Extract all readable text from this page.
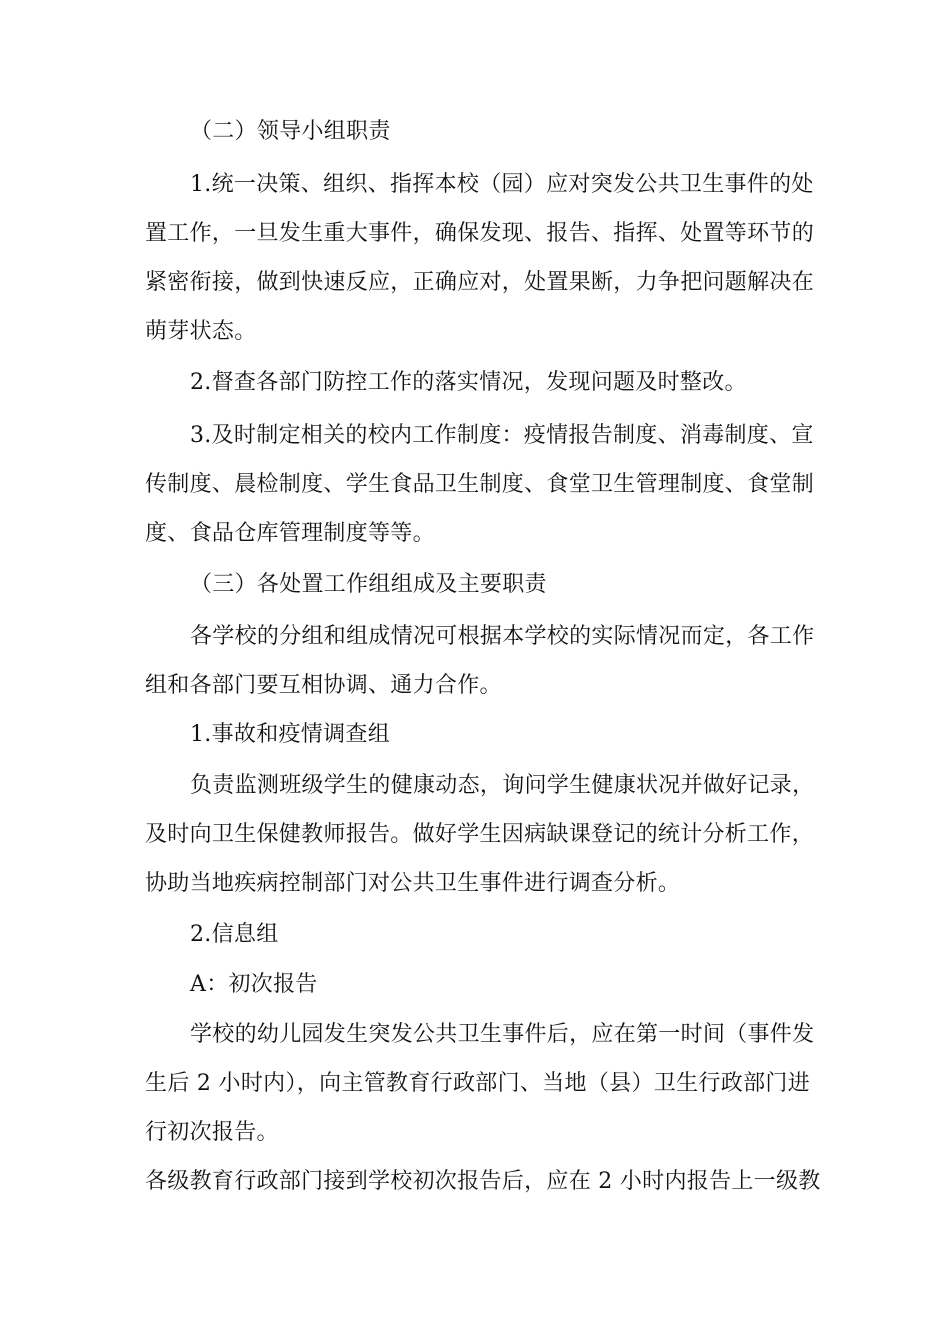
（二）领导小组职责
1.统一决策、组织、指挥本校（园）应对突发公共卫生事件的处
置工作，一旦发生重大事件，确保发现、报告、指挥、处置等环节的
紧密衔接，做到快速反应，正确应对，处置果断，力争把问题解决在
萌芽状态。
2.督查各部门防控工作的落实情况，发现问题及时整改。
3.及时制定相关的校内工作制度：疫情报告制度、消毒制度、宣
传制度、晨检制度、学生食品卫生制度、食堂卫生管理制度、食堂制
度、食品仓库管理制度等等。
（三）各处置工作组组成及主要职责
各学校的分组和组成情况可根据本学校的实际情况而定，各工作
组和各部门要互相协调、通力合作。
1.事故和疫情调查组
负责监测班级学生的健康动态，询问学生健康状况并做好记录，
及时向卫生保健教师报告。做好学生因病缺课登记的统计分析工作，
协助当地疾病控制部门对公共卫生事件进行调查分析。
2.信息组
A：初次报告
学校的幼儿园发生突发公共卫生事件后，应在第一时间（事件发
生后 2 小时内），向主管教育行政部门、当地（县）卫生行政部门进
行初次报告。
各级教育行政部门接到学校初次报告后，应在 2 小时内报告上一级教
